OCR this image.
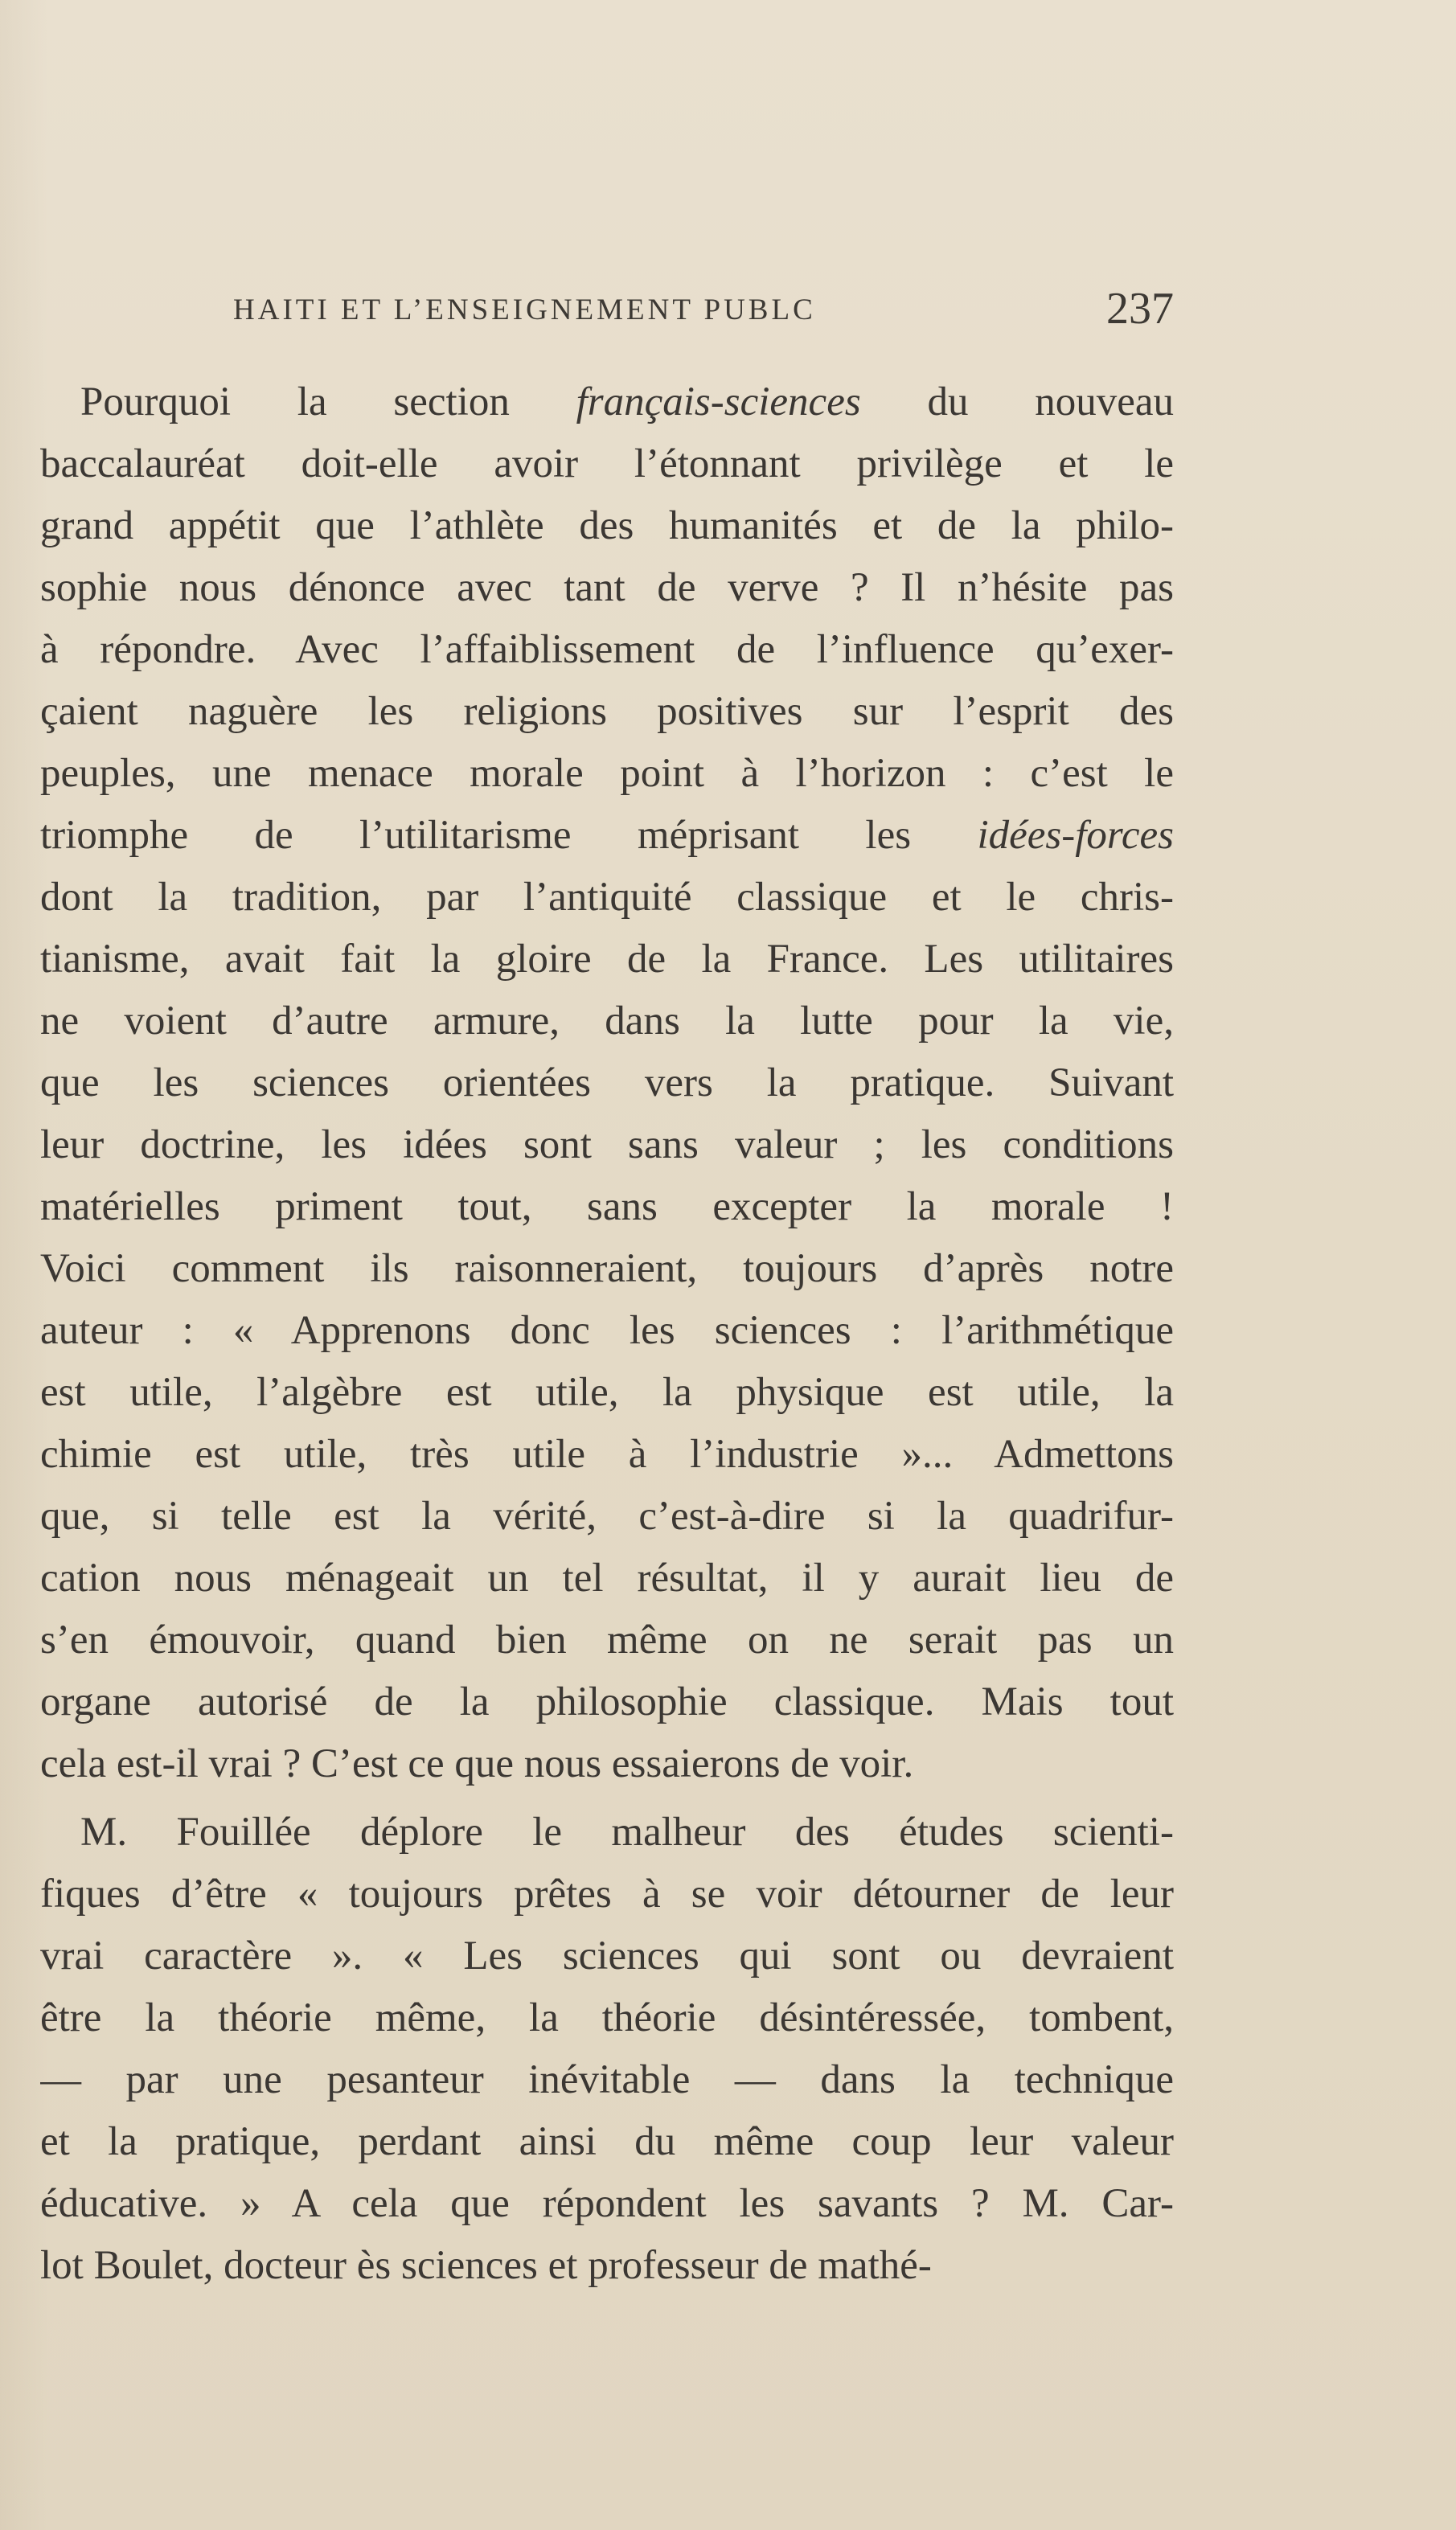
HAITI ET L’ENSEIGNEMENT PUBLC	237
Pourquoi la section français-sciences du nouveau
baccalauréat doit-elle avoir l’étonnant privilège et le
grand appétit que l’athlète des humanités et de la philo-
sophie nous dénonce avec tant de verve ? Il n’hésite pas
à répondre. Avec l’affaiblissement de l’influence qu’exer-
çaient naguère les religions positives sur l’esprit des
peuples, une menace morale point à l’horizon : c’est le
triomphe de l’utilitarisme méprisant les idées-forces
dont la tradition, par l’antiquité classique et le chris-
tianisme, avait fait la gloire de la France. Les utilitaires
ne voient d’autre armure, dans la lutte pour la vie,
que les sciences orientées vers la pratique. Suivant
leur doctrine, les idées sont sans valeur ; les conditions
matérielles priment tout, sans excepter la morale !
Voici comment ils raisonneraient, toujours d’après notre
auteur : « Apprenons donc les sciences : l’arithmétique
est utile, l’algèbre est utile, la physique est utile, la
chimie est utile, très utile à l’industrie »... Admettons
que, si telle est la vérité, c’est-à-dire si la quadrifur-
cation nous ménageait un tel résultat, il y aurait lieu de
s’en émouvoir, quand bien même on ne serait pas un
organe autorisé de la philosophie classique. Mais tout
cela est-il vrai ? C’est ce que nous essaierons de voir.
M. Fouillée déplore le malheur des études scienti-
fiques d’être « toujours prêtes à se voir détourner de leur
vrai caractère ». « Les sciences qui sont ou devraient
être la théorie même, la théorie désintéressée, tombent,
— par une pesanteur inévitable — dans la technique
et la pratique, perdant ainsi du même coup leur valeur
éducative. » A cela que répondent les savants ? M. Car-
lot Boulet, docteur ès sciences et professeur de mathé-
